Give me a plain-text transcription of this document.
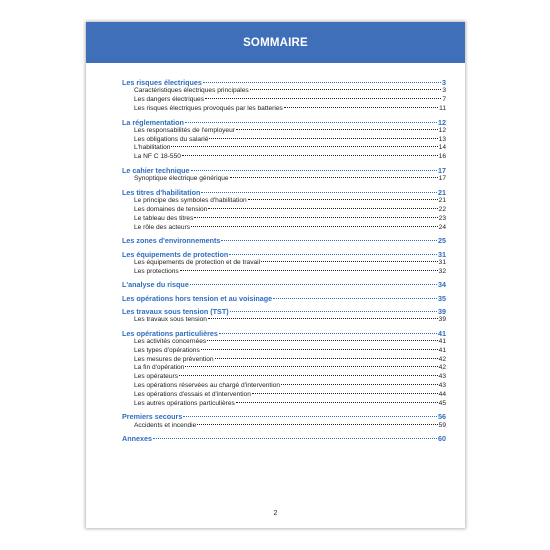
SOMMAIRE
Les risques électriques	3
Caractéristiques électriques principales	3
Les dangers électriques	7
Les risques électriques provoqués par les batteries	11
La réglementation	12
Les responsabilités de l'employeur	12
Les obligations du salarié	13
L'habilitation	14
La NF C 18-550	16
Le cahier technique	17
Synoptique électrique générique	17
Les titres d'habilitation	21
Le principe des symboles d'habilitation	21
Les domaines de tension	22
Le tableau des titres	23
Le rôle des acteurs	24
Les zones d'environnements	25
Les équipements de protection	31
Les équipements de protection et de travail	31
Les protections	32
L'analyse du risque	34
Les opérations hors tension et au voisinage	35
Les travaux sous tension (TST)	39
Les travaux sous tension	39
Les opérations particulières	41
Les activités concernées	41
Les types d'opérations	41
Les mesures de prévention	42
La fin d'opération	42
Les opérateurs	43
Les opérations réservées au chargé d'intervention	43
Les opérations d'essais et d'intervention	44
Les autres opérations particulières	45
Premiers secours	56
Accidents et incendie	59
Annexes	60
2
